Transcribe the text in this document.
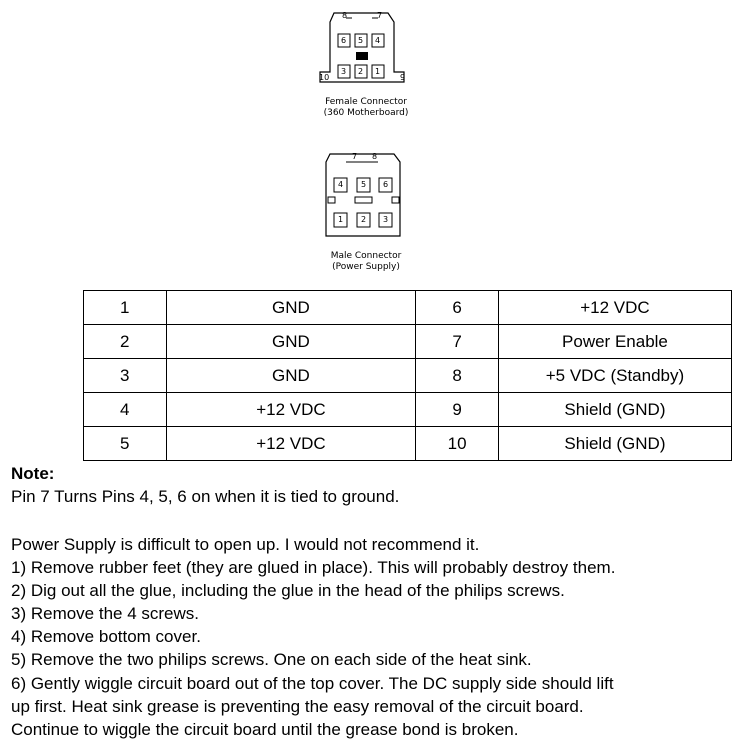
8	7
6 5 4
3 2 1
10	9
Female Connector
(360 Motherboard)
7 8
4 5 6
1 2 3
Male Connector
(Power Supply)
1	GND	6	+12 VDC
2	GND	7	Power Enable
3	GND	8	+5 VDC (Standby)
4	+12 VDC	9	Shield (GND)
5	+12 VDC	10	Shield (GND)
Note:
Pin 7 Turns Pins 4, 5, 6 on when it is tied to ground.
Power Supply is difficult to open up. I would not recommend it.
1) Remove rubber feet (they are glued in place). This will probably destroy them.
2) Dig out all the glue, including the glue in the head of the philips screws.
3) Remove the 4 screws.
4) Remove bottom cover.
5) Remove the two philips screws. One on each side of the heat sink.
6) Gently wiggle circuit board out of the top cover. The DC supply side should lift
up first. Heat sink grease is preventing the easy removal of the circuit board.
Continue to wiggle the circuit board until the grease bond is broken.
